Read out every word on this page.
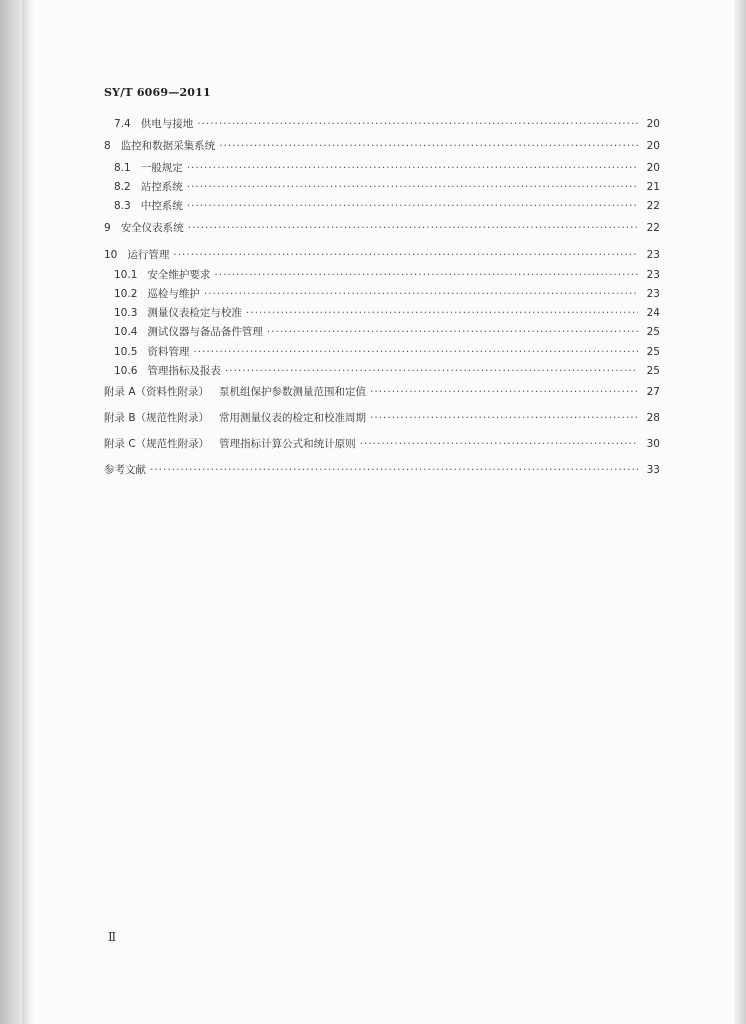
SY/T 6069—2011
7.4 供电与接地 ·····	20
8 监控和数据采集系统 ·····	20
8.1 一般规定 ·····	20
8.2 站控系统 ·····	21
8.3 中控系统 ·····	22
9 安全仪表系统 ·····	22
10 运行管理 ·····	23
10.1 安全维护要求 ·····	23
10.2 巡检与维护 ·····	23
10.3 测量仪表检定与校准 ·····	24
10.4 测试仪器与备品备件管理 ·····	25
10.5 资料管理 ·····	25
10.6 管理指标及报表 ·····	25
附录 A（资料性附录） 泵机组保护参数测量范围和定值 ·····	27
附录 B（规范性附录） 常用测量仪表的检定和校准周期 ·····	28
附录 C（规范性附录） 管理指标计算公式和统计原则 ·····	30
参考文献 ·····	33
Ⅱ
